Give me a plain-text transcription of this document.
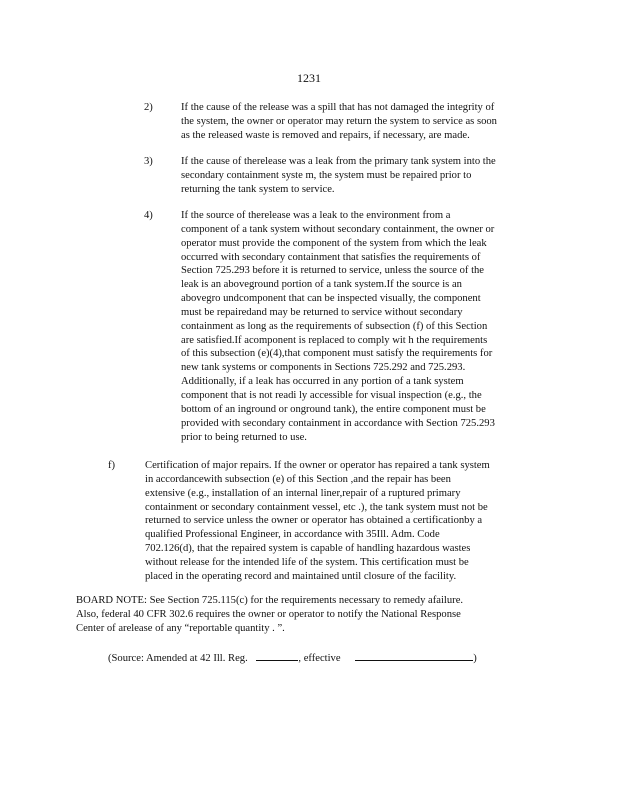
1231
2)	If the cause of the release was a spill that has not damaged the integrity of
the system, the owner or operator may return the system to service as soon
as the released waste is removed and repairs, if necessary, are made.
3)	If the cause of therelease was a leak from the primary tank system into the
secondary containment syste m, the system must be repaired prior to
returning the tank system to service.
4)	If the source of therelease was a leak to the environment from a
component of a tank system without secondary containment, the owner or
operator must provide the component of the system from which the leak
occurred with secondary containment that satisfies the requirements of
Section 725.293 before it is returned to service, unless the source of the
leak is an aboveground portion of a tank system.If the source is an
abovegro undcomponent that can be inspected visually, the component
must be repairedand may be returned to service without secondary
containment as long as the requirements of subsection (f) of this Section
are satisfied.If acomponent is replaced to comply wit h the requirements
of this subsection (e)(4),that component must satisfy the requirements for
new tank systems or components in Sections 725.292 and 725.293.
Additionally, if a leak has occurred in any portion of a tank system
component that is not readi ly accessible for visual inspection (e.g., the
bottom of an inground or onground tank), the entire component must be
provided with secondary containment in accordance with Section 725.293
prior to being returned to use.
f)	Certification of major repairs. If the owner or operator has repaired a tank system
in accordancewith subsection (e) of this Section ,and the repair has been
extensive (e.g., installation of an internal liner,repair of a ruptured primary
containment or secondary containment vessel, etc .), the tank system must not be
returned to service unless the owner or operator has obtained a certificationby a
qualified Professional Engineer, in accordance with 35Ill. Adm. Code
702.126(d), that the repaired system is capable of handling hazardous wastes
without release for the intended life of the system. This certification must be
placed in the operating record and maintained until closure of the facility.
BOARD NOTE: See Section 725.115(c) for the requirements necessary to remedy afailure.
Also, federal 40 CFR 302.6 requires the owner or operator to notify the National Response
Center of arelease of any “reportable quantity . ”.
(Source: Amended at 42 Ill. Reg.	, effective	)
